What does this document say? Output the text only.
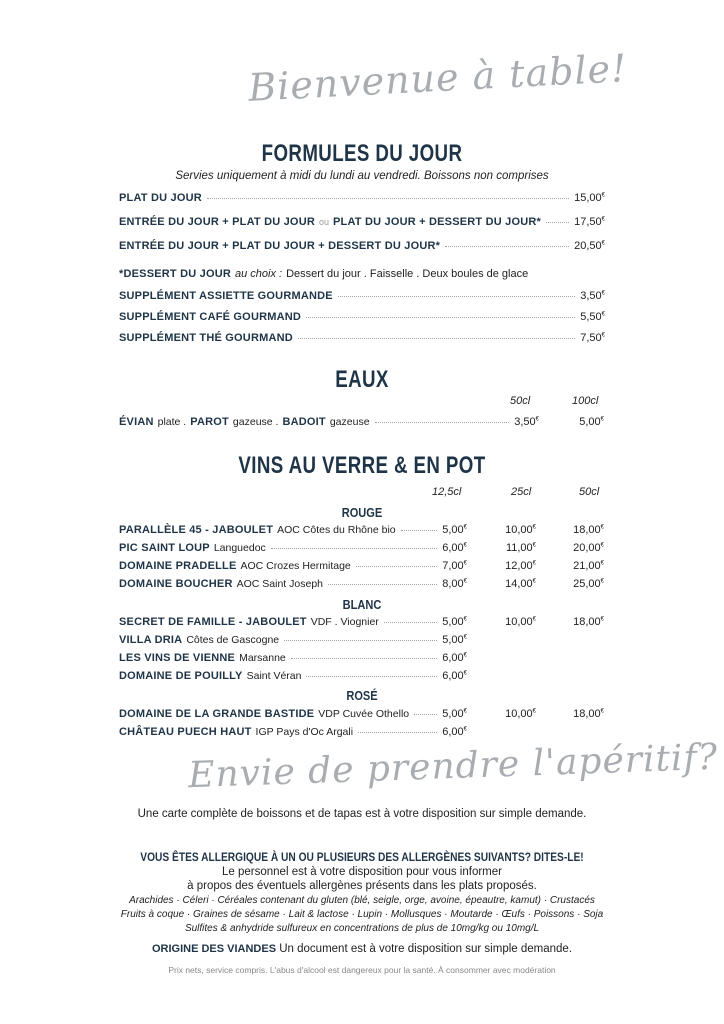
Bienvenue à table!
FORMULES DU JOUR
Servies uniquement à midi du lundi au vendredi. Boissons non comprises
PLAT DU JOUR	15,00€
ENTRÉE DU JOUR + PLAT DU JOUR ou PLAT DU JOUR + DESSERT DU JOUR*	17,50€
ENTRÉE DU JOUR + PLAT DU JOUR + DESSERT DU JOUR*	20,50€
*DESSERT DU JOUR au choix : Dessert du jour . Faisselle . Deux boules de glace
SUPPLÉMENT ASSIETTE GOURMANDE	3,50€
SUPPLÉMENT CAFÉ GOURMAND	5,50€
SUPPLÉMENT THÉ GOURMAND	7,50€
EAUX
50cl	100cl
ÉVIAN plate . PAROT gazeuse . BADOIT gazeuse	3,50€	5,00€
VINS AU VERRE & EN POT
12,5cl	25cl	50cl
ROUGE
PARALLÈLE 45 - JABOULET AOC Côtes du Rhône bio	5,00€	10,00€	18,00€
PIC SAINT LOUP Languedoc	6,00€	11,00€	20,00€
DOMAINE PRADELLE AOC Crozes Hermitage	7,00€	12,00€	21,00€
DOMAINE BOUCHER AOC Saint Joseph	8,00€	14,00€	25,00€
BLANC
SECRET DE FAMILLE - JABOULET VDF . Viognier	5,00€	10,00€	18,00€
VILLA DRIA Côtes de Gascogne	5,00€
LES VINS DE VIENNE Marsanne	6,00€
DOMAINE DE POUILLY Saint Véran	6,00€
ROSÉ
DOMAINE DE LA GRANDE BASTIDE VDP Cuvée Othello	5,00€	10,00€	18,00€
CHÂTEAU PUECH HAUT IGP Pays d'Oc Argali	6,00€
Envie de prendre l'apéritif?
Une carte complète de boissons et de tapas est à votre disposition sur simple demande.
VOUS ÊTES ALLERGIQUE À UN OU PLUSIEURS DES ALLERGÈNES SUIVANTS? DITES-LE!
Le personnel est à votre disposition pour vous informer
à propos des éventuels allergènes présents dans les plats proposés.
Arachides · Céleri · Céréales contenant du gluten (blé, seigle, orge, avoine, épeautre, kamut) · Crustacés
Fruits à coque · Graines de sésame · Lait & lactose · Lupin · Mollusques · Moutarde · Œufs · Poissons · Soja
Sulfites & anhydride sulfureux en concentrations de plus de 10mg/kg ou 10mg/L
ORIGINE DES VIANDES Un document est à votre disposition sur simple demande.
Prix nets, service compris. L'abus d'alcool est dangereux pour la santé. À consommer avec modération
